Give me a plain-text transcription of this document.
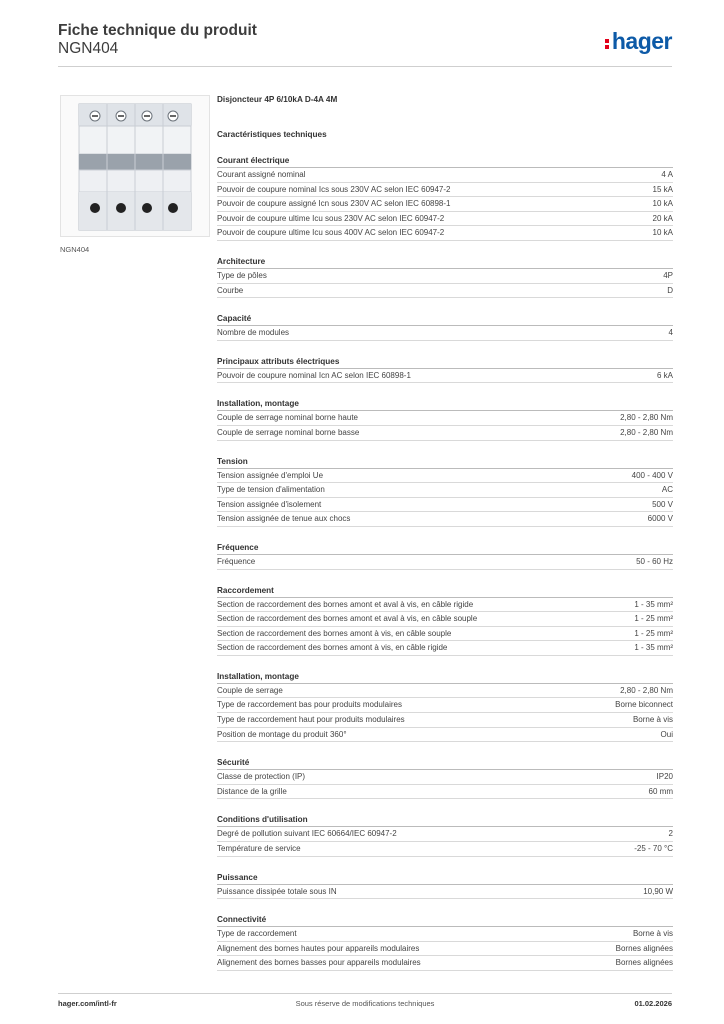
Fiche technique du produit
NGN404	hager
NGN404
Disjoncteur 4P 6/10kA D-4A 4M
Caractéristiques techniques
Courant électrique
Courant assigné nominal	4 A
Pouvoir de coupure nominal Ics sous 230V AC selon IEC 60947-2	15 kA
Pouvoir de coupure assigné Icn sous 230V AC selon IEC 60898-1	10 kA
Pouvoir de coupure ultime Icu sous 230V AC selon IEC 60947-2	20 kA
Pouvoir de coupure ultime Icu sous 400V AC selon IEC 60947-2	10 kA
Architecture
Type de pôles	4P
Courbe	D
Capacité
Nombre de modules	4
Principaux attributs électriques
Pouvoir de coupure nominal Icn AC selon IEC 60898-1	6 kA
Installation, montage
Couple de serrage nominal borne haute	2,80 - 2,80 Nm
Couple de serrage nominal borne basse	2,80 - 2,80 Nm
Tension
Tension assignée d'emploi Ue	400 - 400 V
Type de tension d'alimentation	AC
Tension assignée d'isolement	500 V
Tension assignée de tenue aux chocs	6000 V
Fréquence
Fréquence	50 - 60 Hz
Raccordement
Section de raccordement des bornes amont et aval à vis, en câble rigide	1 - 35 mm²
Section de raccordement des bornes amont et aval à vis, en câble souple	1 - 25 mm²
Section de raccordement des bornes amont à vis, en câble souple	1 - 25 mm²
Section de raccordement des bornes amont à vis, en câble rigide	1 - 35 mm²
Installation, montage
Couple de serrage	2,80 - 2,80 Nm
Type de raccordement bas pour produits modulaires	Borne biconnect
Type de raccordement haut pour produits modulaires	Borne à vis
Position de montage du produit 360°	Oui
Sécurité
Classe de protection (IP)	IP20
Distance de la grille	60 mm
Conditions d'utilisation
Degré de pollution suivant IEC 60664/IEC 60947-2	2
Température de service	-25 - 70 °C
Puissance
Puissance dissipée totale sous IN	10,90 W
Connectivité
Type de raccordement	Borne à vis
Alignement des bornes hautes pour appareils modulaires	Bornes alignées
Alignement des bornes basses pour appareils modulaires	Bornes alignées
hager.com/intl-fr	Sous réserve de modifications techniques	01.02.2026
